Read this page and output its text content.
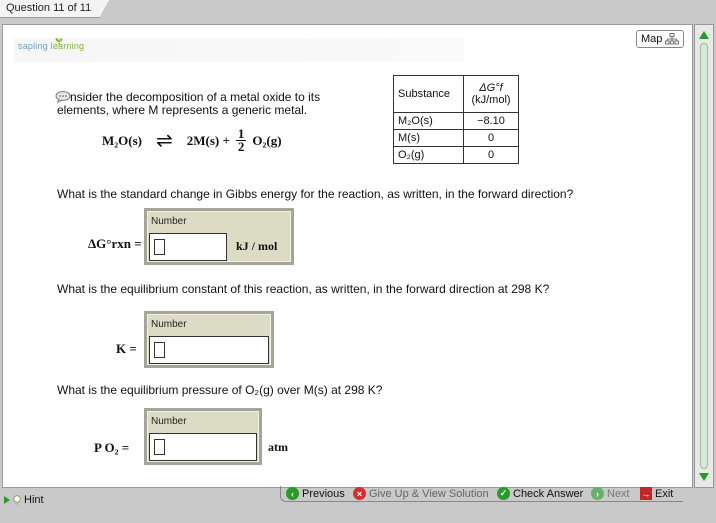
Question 11 of 11
sapling learning
Map
nsider the decomposition of a metal oxide to its
elements, where M represents a generic metal.
M₂O(s) ⇌ $2M(s) + \frac{1}{2} O_2(g)$
Substance	ΔG°f
(kJ/mol)

M₂O(s)	−8.10
M(s)	0
O₂(g)	0
What is the standard change in Gibbs energy for the reaction, as written, in the forward direction?
Number
ΔG°rxn =	kJ / mol
What is the equilibrium constant of this reaction, as written, in the forward direction at 298 K?
Number
K =
What is the equilibrium pressure of O₂(g) over M(s) at 298 K?
Number
P O₂ =	atm
Hint
‹ Previous	× Give Up & View Solution	✓ Check Answer	› Next → Exit
